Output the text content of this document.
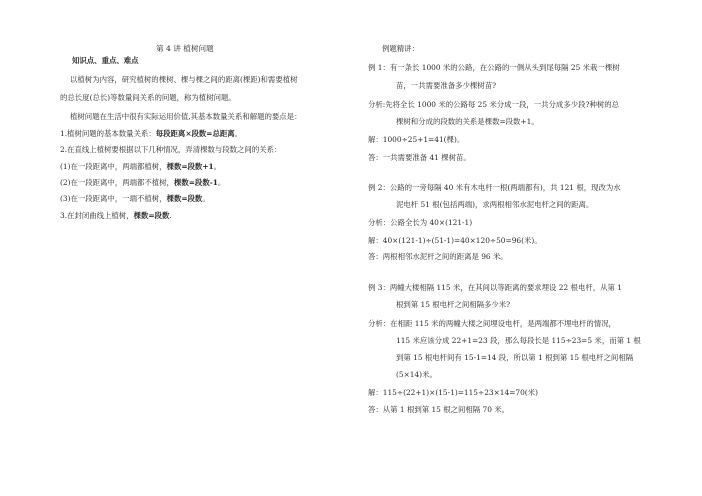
第 4 讲 植树问题

知识点、重点、难点

以植树为内容，研究植树的棵树、棵与棵之间的距离(棵距)和需要植树

的总长度(总长)等数量间关系的问题，称为植树问题。

植树问题在生活中很有实际运用价值,其基本数量关系和解题的要点是：

1.植树问题的基本数量关系：每段距离×段数=总距离。

2.在直线上植树要根据以下几种情况，弄清棵数与段数之间的关系：

(1)在一段距离中，两端都植树，棵数=段数+1。

(2)在一段距离中，两端都不植树，棵数=段数-1。

(3)在一段距离中，一端不植树，棵数=段数。

3.在封闭曲线上植树，棵数=段数.

例题精讲：

例 1：有一条长 1000 米的公路，在公路的一侧从头到尾每隔 25 米栽一棵树

苗，一共需要准备多少棵树苗?

分析:先将全长 1000 米的公路每 25 米分成一段，一共分成多少段?种树的总

棵树和分成的段数的关系是棵数=段数+1。

解：1000÷25+1=41(棵)。

答：一共需要准备 41 棵树苗。

例 2：公路的一旁每隔 40 米有木电杆一根(两端都有)，共 121 根，现改为水

泥电杆 51 根(包括两端)，求两根相邻水泥电杆之间的距离。

分析：公路全长为 40×(121-1)

解：40×(121-1)÷(51-1)=40×120÷50=96(米)。

答：两根相邻水泥杆之间的距离是 96 米。

例 3：两幢大楼相隔 115 米，在其间以等距离的要求埋设 22 根电杆，从第 1

根到第 15 根电杆之间相隔多少米?

分析：在相距 115 米的两幢大楼之间埋设电杆，是两端都不埋电杆的情况，

115 米应该分成 22+1=23 段，那么每段长是 115÷23=5 米，而第 1 根

到第 15 根电杆间有 15-1=14 段，所以第 1 根到第 15 根电杆之间相隔

(5×14)米。

解：115÷(22+1)×(15-1)=115÷23×14=70(米)

答：从第 1 根到第 15 根之间相隔 70 米。
